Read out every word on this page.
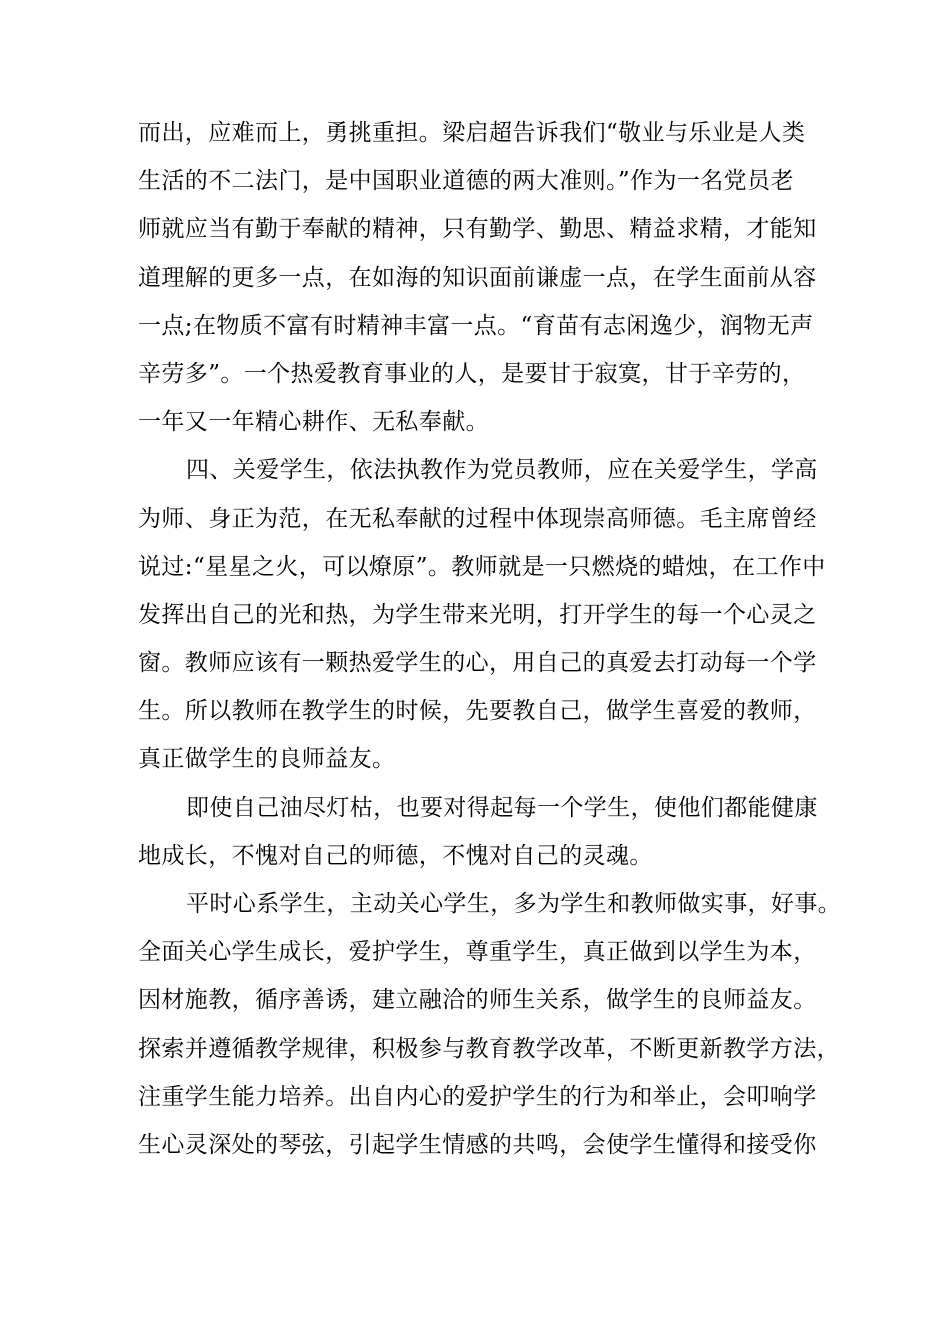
而出，应难而上，勇挑重担。梁启超告诉我们“敬业与乐业是人类
生活的不二法门，是中国职业道德的两大准则。”作为一名党员老
师就应当有勤于奉献的精神，只有勤学、勤思、精益求精，才能知
道理解的更多一点，在如海的知识面前谦虚一点，在学生面前从容
一点;在物质不富有时精神丰富一点。“育苗有志闲逸少，润物无声
辛劳多”。一个热爱教育事业的人，是要甘于寂寞，甘于辛劳的，
一年又一年精心耕作、无私奉献。
四、关爱学生，依法执教作为党员教师，应在关爱学生，学高
为师、身正为范，在无私奉献的过程中体现崇高师德。毛主席曾经
说过:“星星之火，可以燎原”。教师就是一只燃烧的蜡烛，在工作中
发挥出自己的光和热，为学生带来光明，打开学生的每一个心灵之
窗。教师应该有一颗热爱学生的心，用自己的真爱去打动每一个学
生。所以教师在教学生的时候，先要教自己，做学生喜爱的教师，
真正做学生的良师益友。
即使自己油尽灯枯，也要对得起每一个学生，使他们都能健康
地成长，不愧对自己的师德，不愧对自己的灵魂。
平时心系学生，主动关心学生，多为学生和教师做实事，好事。
全面关心学生成长，爱护学生，尊重学生，真正做到以学生为本，
因材施教，循序善诱，建立融洽的师生关系，做学生的良师益友。
探索并遵循教学规律，积极参与教育教学改革，不断更新教学方法，
注重学生能力培养。出自内心的爱护学生的行为和举止，会叩响学
生心灵深处的琴弦，引起学生情感的共鸣，会使学生懂得和接受你
